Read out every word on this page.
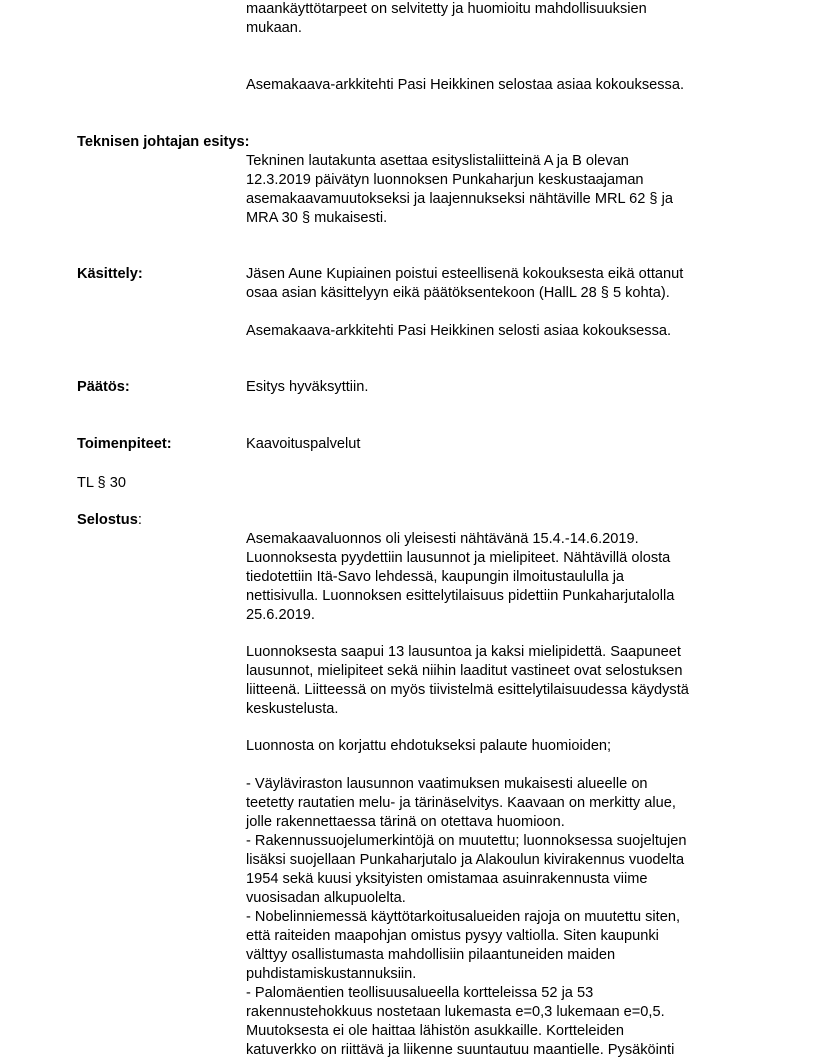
maankäyttötarpeet on selvitetty ja huomioitu mahdollisuuksien
mukaan.
Asemakaava-arkkitehti Pasi Heikkinen selostaa asiaa kokouksessa.
Teknisen johtajan esitys:
Tekninen lautakunta asettaa esityslistaliitteinä A ja B olevan
12.3.2019 päivätyn luonnoksen Punkaharjun keskustaajaman
asemakaavamuutokseksi ja laajennukseksi nähtäville MRL 62 § ja
MRA 30 § mukaisesti.
Käsittely:	Jäsen Aune Kupiainen poistui esteellisenä kokouksesta eikä ottanut
osaa asian käsittelyyn eikä päätöksentekoon (HallL 28 § 5 kohta).
Asemakaava-arkkitehti Pasi Heikkinen selosti asiaa kokouksessa.
Päätös:	Esitys hyväksyttiin.
Toimenpiteet:	Kaavoituspalvelut
TL § 30
Selostus:
Asemakaavaluonnos oli yleisesti nähtävänä 15.4.-14.6.2019.
Luonnoksesta pyydettiin lausunnot ja mielipiteet. Nähtävillä olosta
tiedotettiin Itä-Savo lehdessä, kaupungin ilmoitustaululla ja
nettisivulla. Luonnoksen esittelytilaisuus pidettiin Punkaharjutalolla
25.6.2019.
Luonnoksesta saapui 13 lausuntoa ja kaksi mielipidettä. Saapuneet
lausunnot, mielipiteet sekä niihin laaditut vastineet ovat selostuksen
liitteenä. Liitteessä on myös tiivistelmä esittelytilaisuudessa käydystä
keskustelusta.
Luonnosta on korjattu ehdotukseksi palaute huomioiden;
- Väyläviraston lausunnon vaatimuksen mukaisesti alueelle on
teetetty rautatien melu- ja tärinäselvitys. Kaavaan on merkitty alue,
jolle rakennettaessa tärinä on otettava huomioon.
- Rakennussuojelumerkintöjä on muutettu; luonnoksessa suojeltujen
lisäksi suojellaan Punkaharjutalo ja Alakoulun kivirakennus vuodelta
1954 sekä kuusi yksityisten omistamaa asuinrakennusta viime
vuosisadan alkupuolelta.
- Nobelinniemessä käyttötarkoitusalueiden rajoja on muutettu siten,
että raiteiden maapohjan omistus pysyy valtiolla. Siten kaupunki
välttyy osallistumasta mahdollisiin pilaantuneiden maiden
puhdistamiskustannuksiin.
- Palomäentien teollisuusalueella kortteleissa 52 ja 53
rakennustehokkuus nostetaan lukemasta e=0,3 lukemaan e=0,5.
Muutoksesta ei ole haittaa lähistön asukkaille. Kortteleiden
katuverkko on riittävä ja liikenne suuntautuu maantielle. Pysäköinti
